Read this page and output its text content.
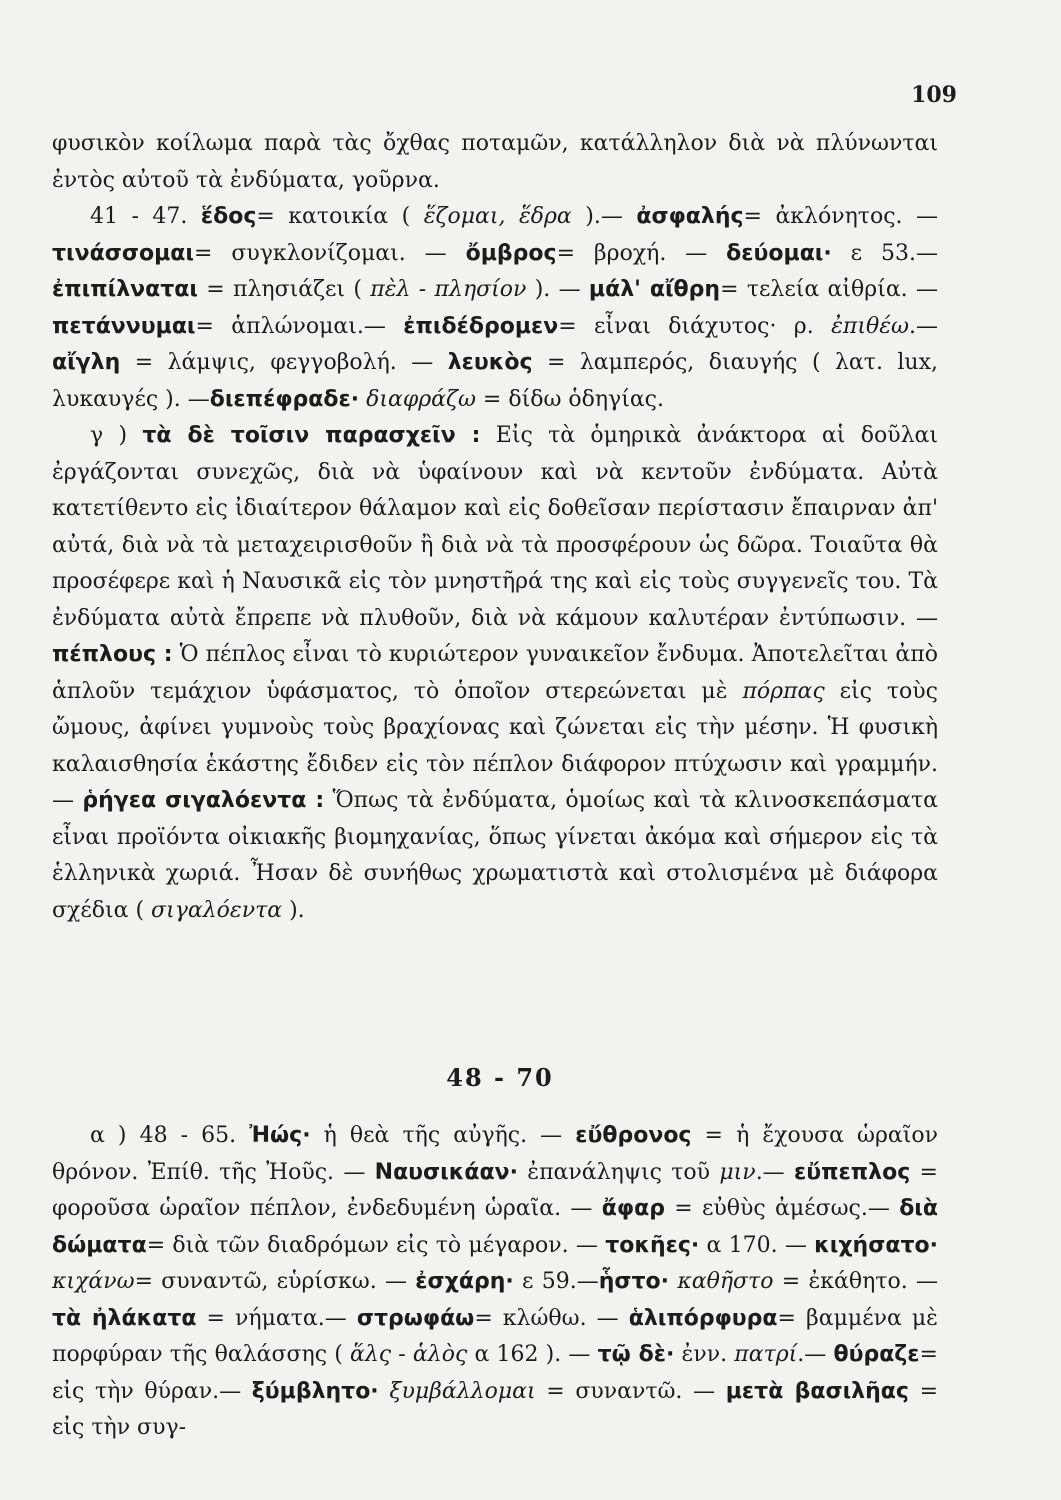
109

φυσικὸν κοίλωμα παρὰ τὰς ὄχθας ποταμῶν, κατάλληλον διὰ νὰ πλύνωνται ἐντὸς αὐτοῦ τὰ ἐνδύματα, γοῦρνα.

41 - 47. ἕδος= κατοικία ( ἕζομαι, ἕδρα ).— ἀσφαλής= ἀκλόνητος. — τινάσσομαι= συγκλονίζομαι. — ὄμβρος= βροχή. — δεύομαι· ε 53.— ἐπιπίλναται = πλησιάζει ( πὲλ - πλησίον ). — μάλ' αἴθρη= τελεία αἰθρία. — πετάννυμαι= ἁπλώνομαι.— ἐπιδέδρομεν= εἶναι διάχυτος· ρ. ἐπιθέω.— αἴγλη = λάμψις, φεγγοβολή. — λευκὸς = λαμπερός, διαυγής ( λατ. lux, λυκαυγές ). —διεπέφραδε· διαφράζω = δίδω ὁδηγίας.

γ ) τὰ δὲ τοῖσιν παρασχεῖν : Εἰς τὰ ὁμηρικὰ ἀνάκτορα αἱ δοῦλαι ἐργάζονται συνεχῶς, διὰ νὰ ὑφαίνουν καὶ νὰ κεντοῦν ἐνδύματα. Αὐτὰ κατετίθεντο εἰς ἰδιαίτερον θάλαμον καὶ εἰς δοθεῖσαν περίστασιν ἔπαιρναν ἀπ' αὐτά, διὰ νὰ τὰ μεταχειρισθοῦν ἢ διὰ νὰ τὰ προσφέρουν ὡς δῶρα. Τοιαῦτα θὰ προσέφερε καὶ ἡ Ναυσικᾶ εἰς τὸν μνηστῆρά της καὶ εἰς τοὺς συγγενεῖς του. Τὰ ἐνδύματα αὐτὰ ἔπρεπε νὰ πλυθοῦν, διὰ νὰ κάμουν καλυτέραν ἐντύπωσιν. — πέπλους : Ὁ πέπλος εἶναι τὸ κυριώτερον γυναικεῖον ἔνδυμα. Ἀποτελεῖται ἀπὸ ἁπλοῦν τεμάχιον ὑφάσματος, τὸ ὁποῖον στερεώνεται μὲ πόρπας εἰς τοὺς ὤμους, ἀφίνει γυμνοὺς τοὺς βραχίονας καὶ ζώνεται εἰς τὴν μέσην. Ἡ φυσικὴ καλαισθησία ἑκάστης ἔδιδεν εἰς τὸν πέπλον διάφορον πτύχωσιν καὶ γραμμήν. — ῥήγεα σιγαλόεντα : Ὅπως τὰ ἐνδύματα, ὁμοίως καὶ τὰ κλινοσκεπάσματα εἶναι προϊόντα οἰκιακῆς βιομηχανίας, ὅπως γίνεται ἀκόμα καὶ σήμερον εἰς τὰ ἑλληνικὰ χωριά. Ἦσαν δὲ συνήθως χρωματιστὰ καὶ στολισμένα μὲ διάφορα σχέδια ( σιγαλόεντα ).

48 - 70

α ) 48 - 65. Ἠώς· ἡ θεὰ τῆς αὐγῆς. — εὔθρονος = ἡ ἔχουσα ὡραῖον θρόνον. Ἐπίθ. τῆς Ἠοῦς. — Ναυσικάαν· ἐπανάληψις τοῦ μιν.— εὔπεπλος = φοροῦσα ὡραῖον πέπλον, ἐνδεδυμένη ὡραῖα. — ἄφαρ = εὐθὺς ἀμέσως.— διὰ δώματα= διὰ τῶν διαδρόμων εἰς τὸ μέγαρον. — τοκῆες· α 170. — κιχήσατο· κιχάνω= συναντῶ, εὑρίσκω. — ἐσχάρη· ε 59.—ἧστο· καθῆστο = ἐκάθητο. — τὰ ἠλάκατα = νήματα.— στρωφάω= κλώθω. — ἁλιπόρφυρα= βαμμένα μὲ πορφύραν τῆς θαλάσσης ( ἅλς - ἁλὸς α 162 ). — τῷ δὲ· ἐνν. πατρί.— θύραζε= εἰς τὴν θύραν.— ξύμβλητο· ξυμβάλλομαι = συναντῶ. — μετὰ βασιλῆας = εἰς τὴν συγ-
